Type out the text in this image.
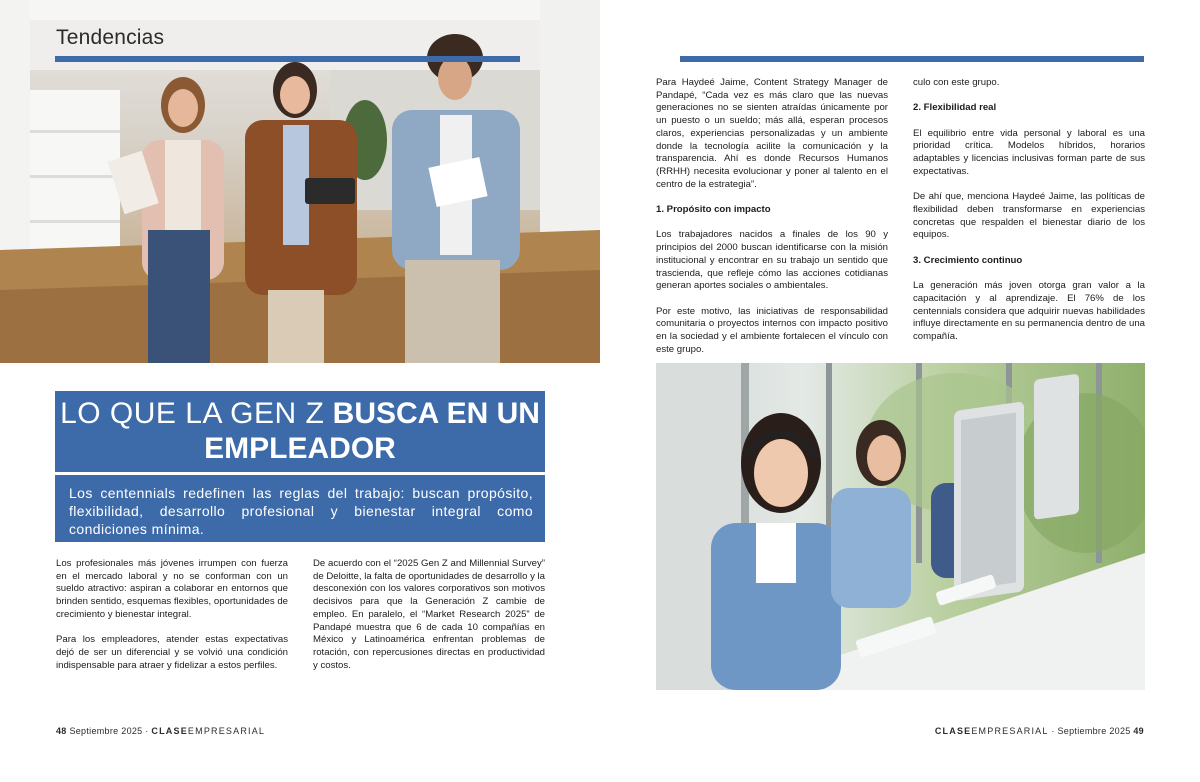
Tendencias
LO QUE LA GEN Z BUSCA EN UN EMPLEADOR
Los centennials redefinen las reglas del trabajo: buscan propósito, flexibilidad, desarrollo profesional y bienestar integral como condiciones mínima.

Los profesionales más jóvenes irrumpen con fuerza en el mercado laboral y no se conforman con un sueldo atractivo: aspiran a colaborar en entornos que brinden sentido, esquemas flexibles, oportunidades de crecimiento y bienestar integral.

Para los empleadores, atender estas expectativas dejó de ser un diferencial y se volvió una condición indispensable para atraer y fidelizar a estos perfiles.

De acuerdo con el “2025 Gen Z and Millennial Survey” de Deloitte, la falta de oportunidades de desarrollo y la desconexión con los valores corporativos son motivos decisivos para que la Generación Z cambie de empleo. En paralelo, el “Market Research 2025” de Pandapé muestra que 6 de cada 10 compañías en México y Latinoamérica enfrentan problemas de rotación, con repercusiones directas en productividad y costos.

48 Septiembre 2025 · CLASEEMPRESARIAL

Para Haydeé Jaime, Content Strategy Manager de Pandapé, “Cada vez es más claro que las nuevas generaciones no se sienten atraídas únicamente por un puesto o un sueldo; más allá, esperan procesos claros, experiencias personalizadas y un ambiente donde la tecnología acilite la comunicación y la transparencia. Ahí es donde Recursos Humanos (RRHH) necesita evolucionar y poner al talento en el centro de la estrategia”.

1. Propósito con impacto

Los trabajadores nacidos a finales de los 90 y principios del 2000 buscan identificarse con la misión institucional y encontrar en su trabajo un sentido que trascienda, que refleje cómo las acciones cotidianas generan aportes sociales o ambientales.

Por este motivo, las iniciativas de responsabilidad comunitaria o proyectos internos con impacto positivo en la sociedad y el ambiente fortalecen el vínculo con este grupo.

culo con este grupo.

2. Flexibilidad real

El equilibrio entre vida personal y laboral es una prioridad crítica. Modelos híbridos, horarios adaptables y licencias inclusivas forman parte de sus expectativas.

De ahí que, menciona Haydeé Jaime, las políticas de flexibilidad deben transformarse en experiencias concretas que respalden el bienestar diario de los equipos.

3. Crecimiento continuo

La generación más joven otorga gran valor a la capacitación y al aprendizaje. El 76% de los centennials considera que adquirir nuevas habilidades influye directamente en su permanencia dentro de una compañía.

CLASEEMPRESARIAL · Septiembre 2025 49
